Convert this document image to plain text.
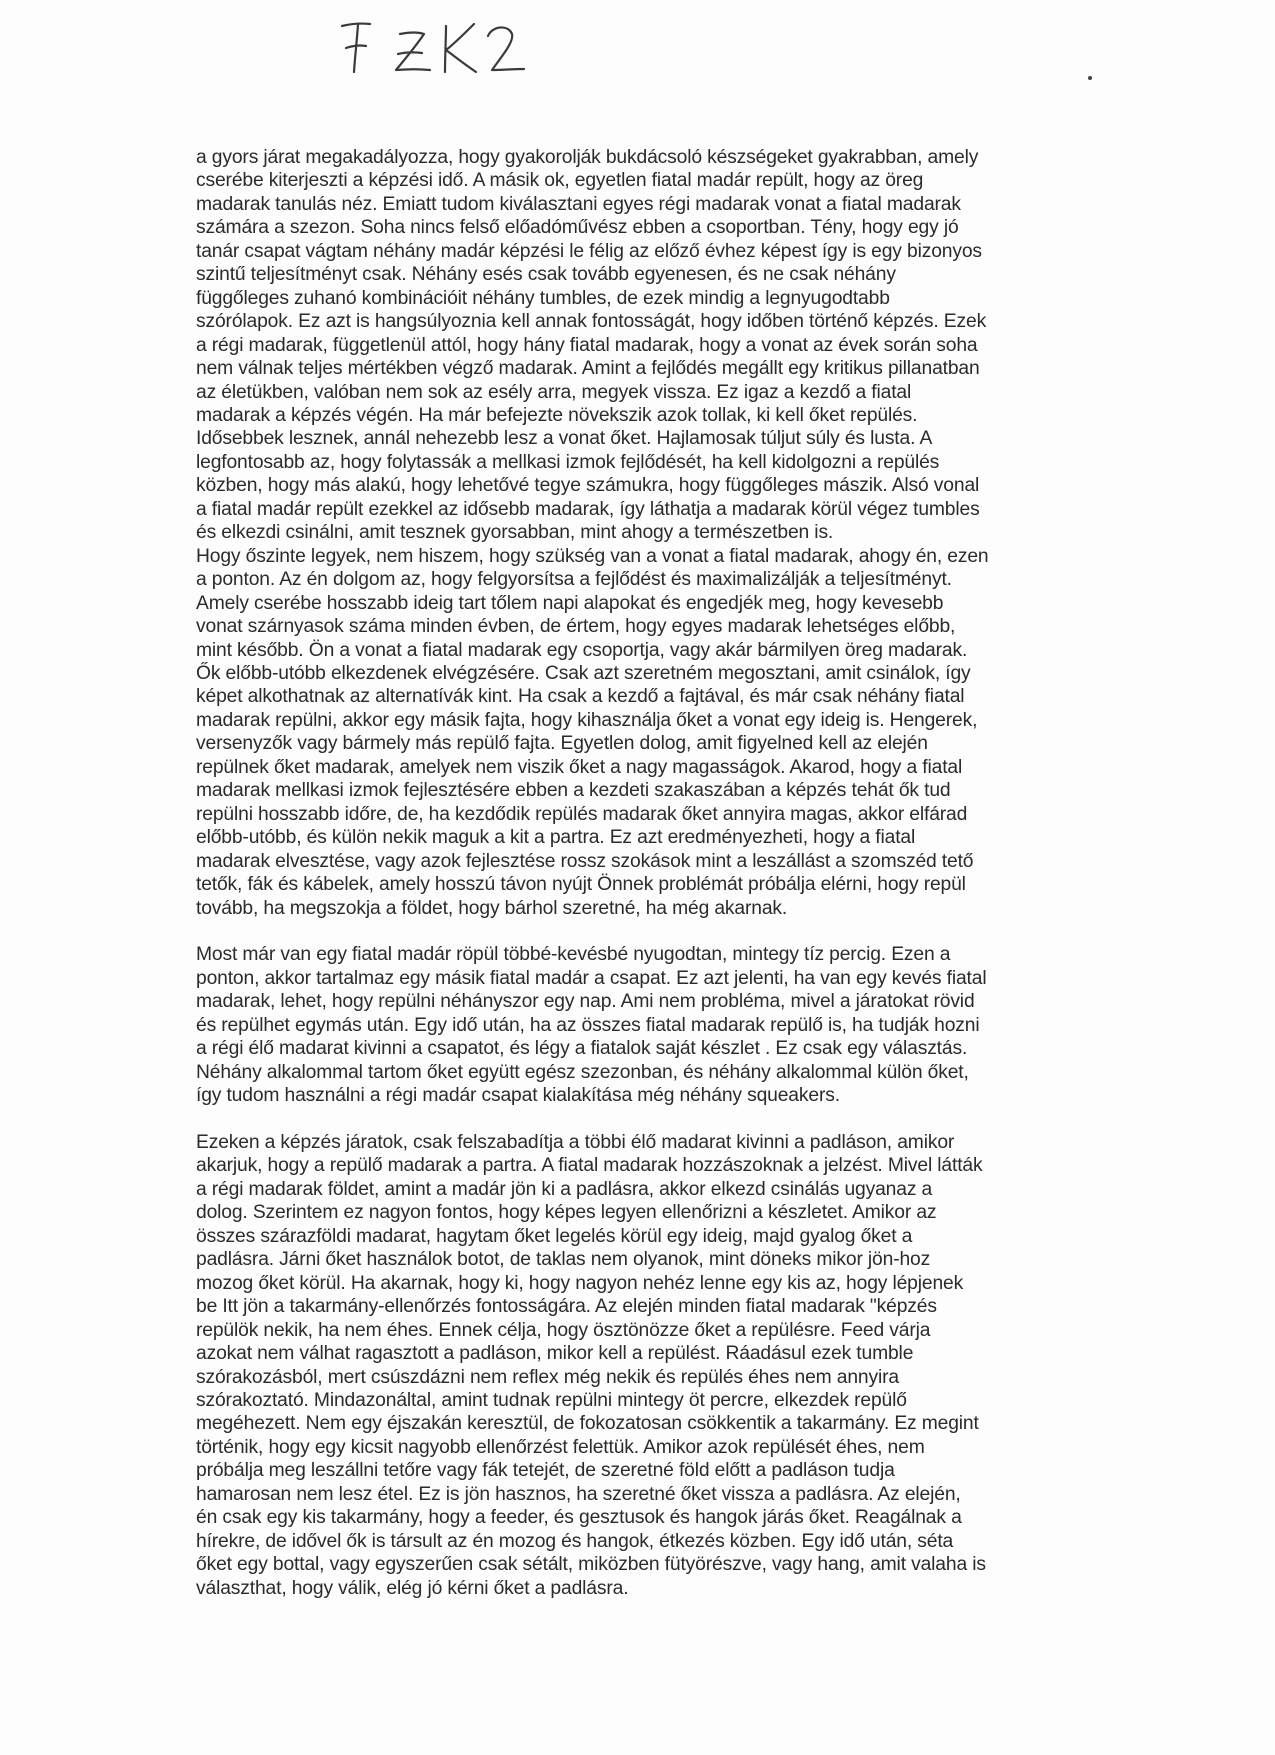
a gyors járat megakadályozza, hogy gyakorolják bukdácsoló készségeket gyakrabban, amely
cserébe kiterjeszti a képzési idő. A másik ok, egyetlen fiatal madár repült, hogy az öreg
madarak tanulás néz. Emiatt tudom kiválasztani egyes régi madarak vonat a fiatal madarak
számára a szezon. Soha nincs felső előadóművész ebben a csoportban. Tény, hogy egy jó
tanár csapat vágtam néhány madár képzési le félig az előző évhez képest így is egy bizonyos
szintű teljesítményt csak. Néhány esés csak tovább egyenesen, és ne csak néhány
függőleges zuhanó kombinációit néhány tumbles, de ezek mindig a legnyugodtabb
szórólapok. Ez azt is hangsúlyoznia kell annak fontosságát, hogy időben történő képzés. Ezek
a régi madarak, függetlenül attól, hogy hány fiatal madarak, hogy a vonat az évek során soha
nem válnak teljes mértékben végző madarak. Amint a fejlődés megállt egy kritikus pillanatban
az életükben, valóban nem sok az esély arra, megyek vissza. Ez igaz a kezdő a fiatal
madarak a képzés végén. Ha már befejezte növekszik azok tollak, ki kell őket repülés.
Idősebbek lesznek, annál nehezebb lesz a vonat őket. Hajlamosak túljut súly és lusta. A
legfontosabb az, hogy folytassák a mellkasi izmok fejlődését, ha kell kidolgozni a repülés
közben, hogy más alakú, hogy lehetővé tegye számukra, hogy függőleges mászik. Alsó vonal
a fiatal madár repült ezekkel az idősebb madarak, így láthatja a madarak körül végez tumbles
és elkezdi csinálni, amit tesznek gyorsabban, mint ahogy a természetben is.
Hogy őszinte legyek, nem hiszem, hogy szükség van a vonat a fiatal madarak, ahogy én, ezen
a ponton. Az én dolgom az, hogy felgyorsítsa a fejlődést és maximalizálják a teljesítményt.
Amely cserébe hosszabb ideig tart tőlem napi alapokat és engedjék meg, hogy kevesebb
vonat szárnyasok száma minden évben, de értem, hogy egyes madarak lehetséges előbb,
mint később. Ön a vonat a fiatal madarak egy csoportja, vagy akár bármilyen öreg madarak.
Ők előbb-utóbb elkezdenek elvégzésére. Csak azt szeretném megosztani, amit csinálok, így
képet alkothatnak az alternatívák kint. Ha csak a kezdő a fajtával, és már csak néhány fiatal
madarak repülni, akkor egy másik fajta, hogy kihasználja őket a vonat egy ideig is. Hengerek,
versenyzők vagy bármely más repülő fajta. Egyetlen dolog, amit figyelned kell az elején
repülnek őket madarak, amelyek nem viszik őket a nagy magasságok. Akarod, hogy a fiatal
madarak mellkasi izmok fejlesztésére ebben a kezdeti szakaszában a képzés tehát ők tud
repülni hosszabb időre, de, ha kezdődik repülés madarak őket annyira magas, akkor elfárad
előbb-utóbb, és külön nekik maguk a kit a partra. Ez azt eredményezheti, hogy a fiatal
madarak elvesztése, vagy azok fejlesztése rossz szokások mint a leszállást a szomszéd tető
tetők, fák és kábelek, amely hosszú távon nyújt Önnek problémát próbálja elérni, hogy repül
tovább, ha megszokja a földet, hogy bárhol szeretné, ha még akarnak.

Most már van egy fiatal madár röpül többé-kevésbé nyugodtan, mintegy tíz percig. Ezen a
ponton, akkor tartalmaz egy másik fiatal madár a csapat. Ez azt jelenti, ha van egy kevés fiatal
madarak, lehet, hogy repülni néhányszor egy nap. Ami nem probléma, mivel a járatokat rövid
és repülhet egymás után. Egy idő után, ha az összes fiatal madarak repülő is, ha tudják hozni
a régi élő madarat kivinni a csapatot, és légy a fiatalok saját készlet . Ez csak egy választás.
Néhány alkalommal tartom őket együtt egész szezonban, és néhány alkalommal külön őket,
így tudom használni a régi madár csapat kialakítása még néhány squeakers.

Ezeken a képzés járatok, csak felszabadítja a többi élő madarat kivinni a padláson, amikor
akarjuk, hogy a repülő madarak a partra. A fiatal madarak hozzászoknak a jelzést. Mivel látták
a régi madarak földet, amint a madár jön ki a padlásra, akkor elkezd csinálás ugyanaz a
dolog. Szerintem ez nagyon fontos, hogy képes legyen ellenőrizni a készletet. Amikor az
összes szárazföldi madarat, hagytam őket legelés körül egy ideig, majd gyalog őket a
padlásra. Járni őket használok botot, de taklas nem olyanok, mint döneks mikor jön-hoz
mozog őket körül. Ha akarnak, hogy ki, hogy nagyon nehéz lenne egy kis az, hogy lépjenek
be Itt jön a takarmány-ellenőrzés fontosságára. Az elején minden fiatal madarak "képzés
repülök nekik, ha nem éhes. Ennek célja, hogy ösztönözze őket a repülésre. Feed várja
azokat nem válhat ragasztott a padláson, mikor kell a repülést. Ráadásul ezek tumble
szórakozásból, mert csúszdázni nem reflex még nekik és repülés éhes nem annyira
szórakoztató. Mindazonáltal, amint tudnak repülni mintegy öt percre, elkezdek repülő
megéhezett. Nem egy éjszakán keresztül, de fokozatosan csökkentik a takarmány. Ez megint
történik, hogy egy kicsit nagyobb ellenőrzést felettük. Amikor azok repülését éhes, nem
próbálja meg leszállni tetőre vagy fák tetejét, de szeretné föld előtt a padláson tudja
hamarosan nem lesz étel. Ez is jön hasznos, ha szeretné őket vissza a padlásra. Az elején,
én csak egy kis takarmány, hogy a feeder, és gesztusok és hangok járás őket. Reagálnak a
hírekre, de idővel ők is társult az én mozog és hangok, étkezés közben. Egy idő után, séta
őket egy bottal, vagy egyszerűen csak sétált, miközben fütyörészve, vagy hang, amit valaha is
választhat, hogy válik, elég jó kérni őket a padlásra.
